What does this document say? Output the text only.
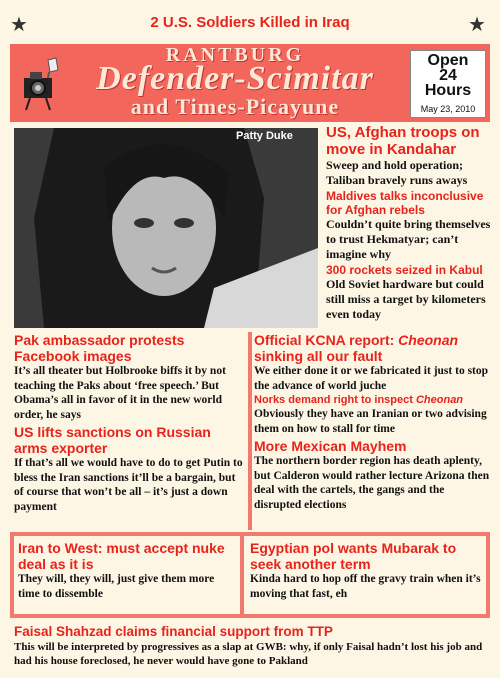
★	★
2 U.S. Soldiers Killed in Iraq
RANTBURG
Defender-Scimitar
and Times-Picayune
Open
24
Hours
May 23, 2010
Patty Duke US, Afghan troops on move in Kandahar
Sweep and hold operation; Taliban bravely runs aways
Maldives talks inconclusive for Afghan rebels
Couldn’t quite bring themselves to trust Hekmatyar; can’t imagine why
300 rockets seized in Kabul
Old Soviet hardware but could still miss a target by kilometers even today
Pak ambassador protests Facebook images
It’s all theater but Holbrooke biffs it by not teaching the Paks about ‘free speech.’ But Obama’s all in favor of it in the new world order, he says
US lifts sanctions on Russian arms exporter
If that’s all we would have to do to get Putin to bless the Iran sanctions it’ll be a bargain, but of course that won’t be all – it’s just a down payment
Official KCNA report: Cheonan sinking all our fault
We either done it or we fabricated it just to stop the advance of world juche
Norks demand right to inspect Cheonan
Obviously they have an Iranian or two advising them on how to stall for time
More Mexican Mayhem
The northern border region has death aplenty, but Calderon would rather lecture Arizona then deal with the cartels, the gangs and the disrupted elections
Iran to West: must accept nuke deal as it is
They will, they will, just give them more time to dissemble
Egyptian pol wants Mubarak to seek another term
Kinda hard to hop off the gravy train when it’s moving that fast, eh
Faisal Shahzad claims financial support from TTP
This will be interpreted by progressives as a slap at GWB: why, if only Faisal hadn’t lost his job and had his house foreclosed, he never would have gone to Pakland
